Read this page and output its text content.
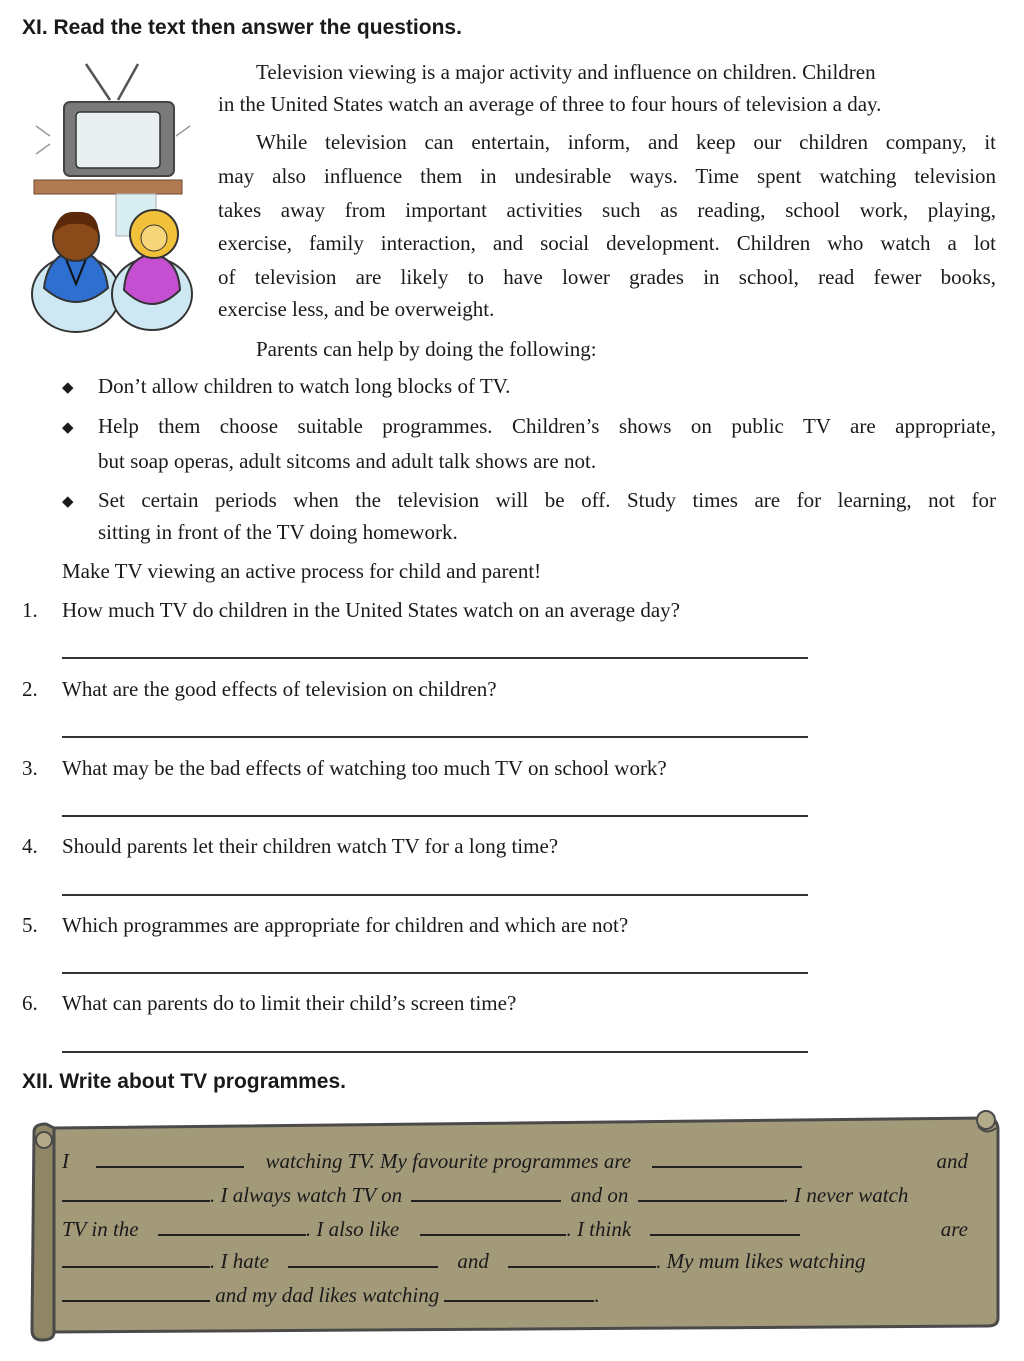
XI. Read the text then answer the questions.
Television viewing is a major activity and influence on children. Children
in the United States watch an average of three to four hours of television a day.
While television can entertain, inform, and keep our children company, it
may also influence them in undesirable ways. Time spent watching television
takes away from important activities such as reading, school work, playing,
exercise, family interaction, and social development. Children who watch a lot
of television are likely to have lower grades in school, read fewer books,
exercise less, and be overweight.
Parents can help by doing the following:
◆ Don’t allow children to watch long blocks of TV.
◆ Help them choose suitable programmes. Children’s shows on public TV are appropriate,
but soap operas, adult sitcoms and adult talk shows are not.
◆ Set certain periods when the television will be off. Study times are for learning, not for
sitting in front of the TV doing homework.
Make TV viewing an active process for child and parent!
1. How much TV do children in the United States watch on an average day?
2. What are the good effects of television on children?
3. What may be the bad effects of watching too much TV on school work?
4. Should parents let their children watch TV for a long time?
5. Which programmes are appropriate for children and which are not?
6. What can parents do to limit their child’s screen time?
XII. Write about TV programmes.
I	watching TV. My favourite programmes are	and
. I always watch TV on	and on	. I never watch
TV in the	. I also like	. I think	are
. I hate	and	. My mum likes watching
and my dad likes watching	.
